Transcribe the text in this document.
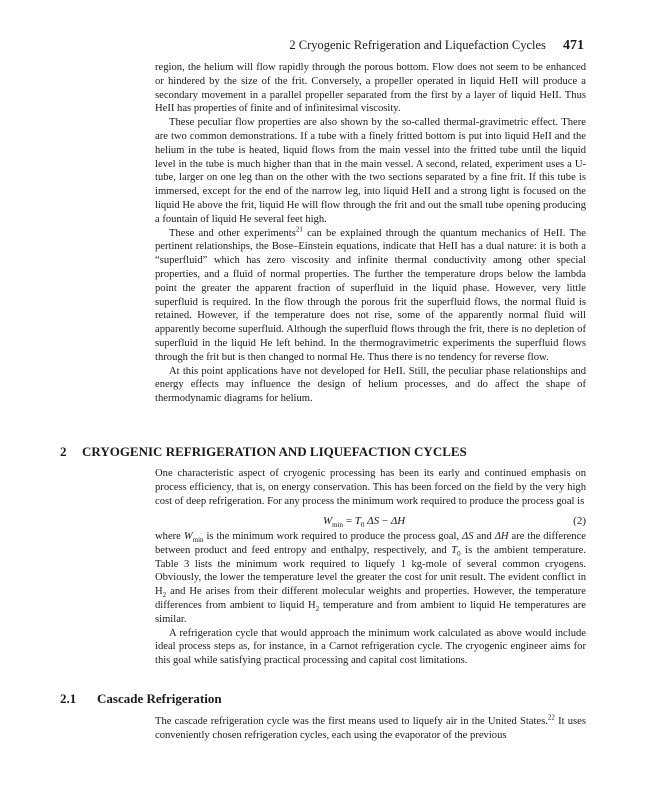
2 Cryogenic Refrigeration and Liquefaction Cycles 471

region, the helium will flow rapidly through the porous bottom. Flow does not seem to be enhanced or hindered by the size of the frit. Conversely, a propeller operated in liquid HeII will produce a secondary movement in a parallel propeller separated from the first by a layer of liquid HeII. Thus HeII has properties of finite and of infinitesimal viscosity.

These peculiar flow properties are also shown by the so-called thermal-gravimetric effect. There are two common demonstrations. If a tube with a finely fritted bottom is put into liquid HeII and the helium in the tube is heated, liquid flows from the main vessel into the fritted tube until the liquid level in the tube is much higher than that in the main vessel. A second, related, experiment uses a U-tube, larger on one leg than on the other with the two sections separated by a fine frit. If this tube is immersed, except for the end of the narrow leg, into liquid HeII and a strong light is focused on the liquid He above the frit, liquid He will flow through the frit and out the small tube opening producing a fountain of liquid He several feet high.

These and other experiments$^{21}$ can be explained through the quantum mechanics of HeII. The pertinent relationships, the Bose–Einstein equations, indicate that HeII has a dual nature: it is both a “superfluid” which has zero viscosity and infinite thermal conductivity among other special properties, and a fluid of normal properties. The further the temperature drops below the lambda point the greater the apparent fraction of superfluid in the liquid phase. However, very little superfluid is required. In the flow through the porous frit the superfluid flows, the normal fluid is retained. However, if the temperature does not rise, some of the apparently normal fluid will apparently become superfluid. Although the superfluid flows through the frit, there is no depletion of superfluid in the liquid He left behind. In the thermogravimetric experiments the superfluid flows through the frit but is then changed to normal He. Thus there is no tendency for reverse flow.

At this point applications have not developed for HeII. Still, the peculiar phase relationships and energy effects may influence the design of helium processes, and do affect the shape of thermodynamic diagrams for helium.

2 CRYOGENIC REFRIGERATION AND LIQUEFACTION CYCLES

One characteristic aspect of cryogenic processing has been its early and continued emphasis on process efficiency, that is, on energy conservation. This has been forced on the field by the very high cost of deep refrigeration. For any process the minimum work required to produce the process goal is

$W_{min} = T_0$ ΔS − ΔH	(2)

where $W_{min}$ is the minimum work required to produce the process goal, ΔS and ΔH are the difference between product and feed entropy and enthalpy, respectively, and $T_0$ is the ambient temperature. Table 3 lists the minimum work required to liquefy 1 kg-mole of several common cryogens. Obviously, the lower the temperature level the greater the cost for unit result. The evident conflict in $H_2$ and He arises from their different molecular weights and properties. However, the temperature differences from ambient to liquid $H_2$ temperature and from ambient to liquid He temperatures are similar.

A refrigeration cycle that would approach the minimum work calculated as above would include ideal process steps as, for instance, in a Carnot refrigeration cycle. The cryogenic engineer aims for this goal while satisfying practical processing and capital cost limitations.

2.1 Cascade Refrigeration

The cascade refrigeration cycle was the first means used to liquefy air in the United States.$^{22}$ It uses conveniently chosen refrigeration cycles, each using the evaporator of the previous
